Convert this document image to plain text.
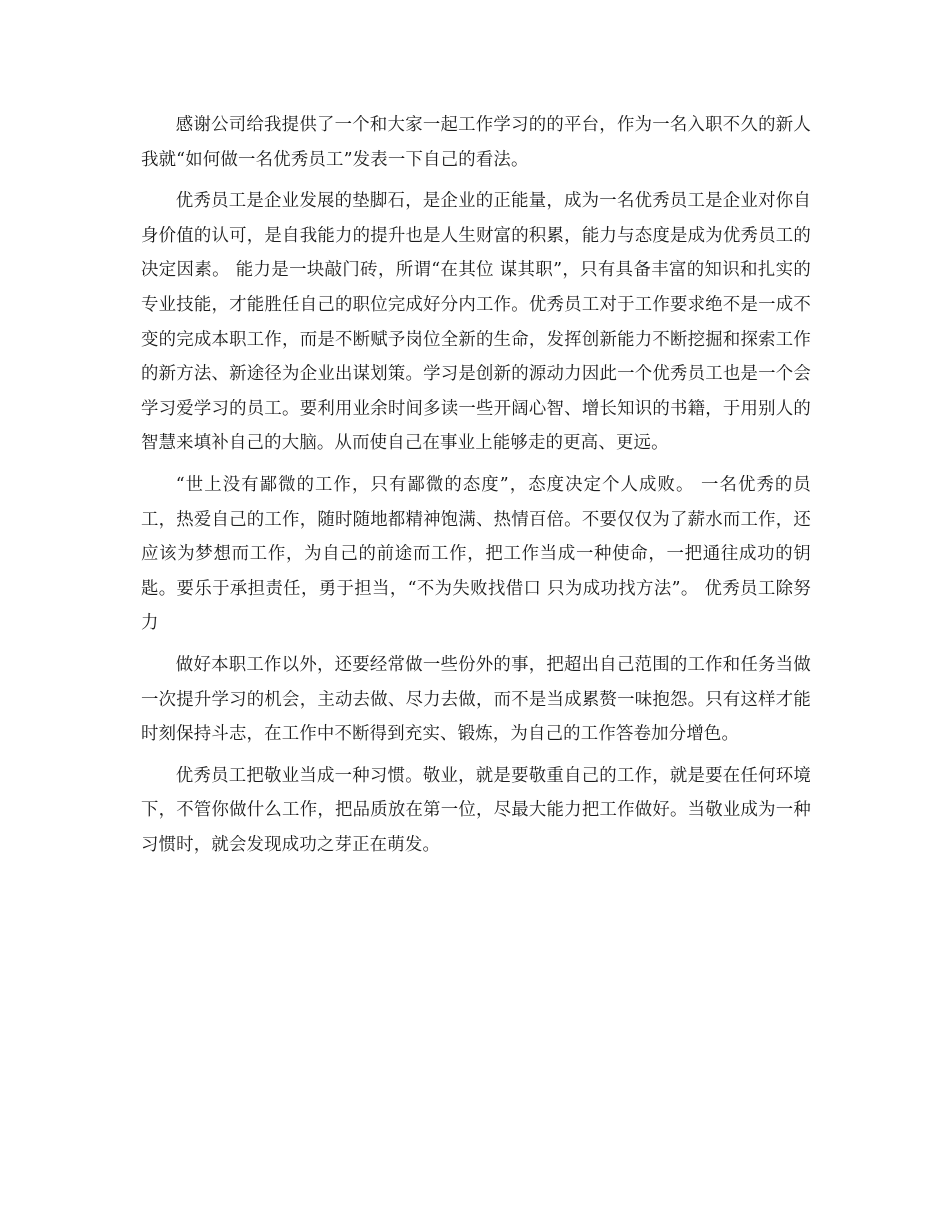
感谢公司给我提供了一个和大家一起工作学习的的平台，作为一名入职不久的新人我就“如何做一名优秀员工”发表一下自己的看法。

优秀员工是企业发展的垫脚石，是企业的正能量，成为一名优秀员工是企业对你自身价值的认可，是自我能力的提升也是人生财富的积累，能力与态度是成为优秀员工的决定因素。 能力是一块敲门砖，所谓“在其位 谋其职”，只有具备丰富的知识和扎实的专业技能，才能胜任自己的职位完成好分内工作。优秀员工对于工作要求绝不是一成不变的完成本职工作，而是不断赋予岗位全新的生命，发挥创新能力不断挖掘和探索工作的新方法、新途径为企业出谋划策。学习是创新的源动力因此一个优秀员工也是一个会学习爱学习的员工。要利用业余时间多读一些开阔心智、增长知识的书籍，于用别人的智慧来填补自己的大脑。从而使自己在事业上能够走的更高、更远。

“世上没有鄙微的工作，只有鄙微的态度”，态度决定个人成败。 一名优秀的员工，热爱自己的工作，随时随地都精神饱满、热情百倍。不要仅仅为了薪水而工作，还应该为梦想而工作，为自己的前途而工作，把工作当成一种使命，一把通往成功的钥匙。要乐于承担责任，勇于担当，“不为失败找借口 只为成功找方法”。 优秀员工除努力

做好本职工作以外，还要经常做一些份外的事，把超出自己范围的工作和任务当做一次提升学习的机会，主动去做、尽力去做，而不是当成累赘一味抱怨。只有这样才能时刻保持斗志，在工作中不断得到充实、锻炼，为自己的工作答卷加分增色。

优秀员工把敬业当成一种习惯。敬业，就是要敬重自己的工作，就是要在任何环境下，不管你做什么工作，把品质放在第一位，尽最大能力把工作做好。当敬业成为一种习惯时，就会发现成功之芽正在萌发。
